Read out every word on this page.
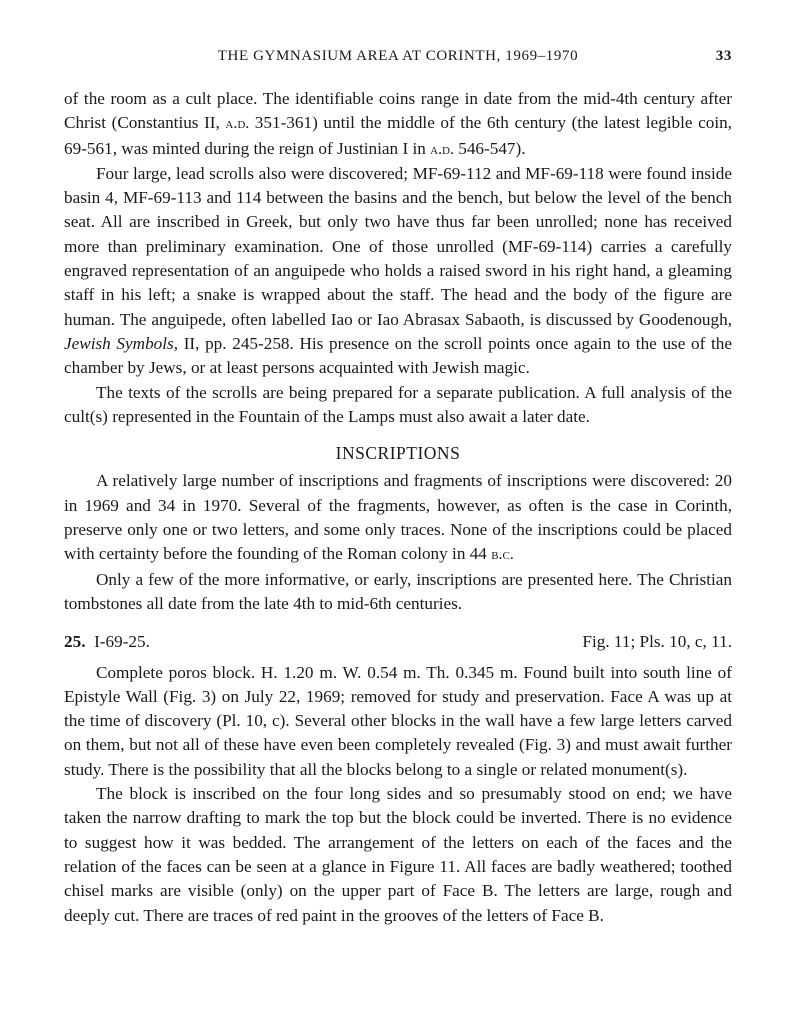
THE GYMNASIUM AREA AT CORINTH, 1969–1970	33

of the room as a cult place. The identifiable coins range in date from the mid-4th century after Christ (Constantius II, a.d. 351-361) until the middle of the 6th century (the latest legible coin, 69-561, was minted during the reign of Justinian I in a.d. 546-547).

Four large, lead scrolls also were discovered; MF-69-112 and MF-69-118 were found inside basin 4, MF-69-113 and 114 between the basins and the bench, but below the level of the bench seat. All are inscribed in Greek, but only two have thus far been unrolled; none has received more than preliminary examination. One of those unrolled (MF-69-114) carries a carefully engraved representation of an anguipede who holds a raised sword in his right hand, a gleaming staff in his left; a snake is wrapped about the staff. The head and the body of the figure are human. The anguipede, often labelled Iao or Iao Abrasax Sabaoth, is discussed by Goodenough, Jewish Symbols, II, pp. 245-258. His presence on the scroll points once again to the use of the chamber by Jews, or at least persons acquainted with Jewish magic.

The texts of the scrolls are being prepared for a separate publication. A full analysis of the cult(s) represented in the Fountain of the Lamps must also await a later date.

INSCRIPTIONS

A relatively large number of inscriptions and fragments of inscriptions were discovered: 20 in 1969 and 34 in 1970. Several of the fragments, however, as often is the case in Corinth, preserve only one or two letters, and some only traces. None of the inscriptions could be placed with certainty before the founding of the Roman colony in 44 b.c.

Only a few of the more informative, or early, inscriptions are presented here. The Christian tombstones all date from the late 4th to mid-6th centuries.

25. I-69-25.	Fig. 11; Pls. 10, c, 11.

Complete poros block. H. 1.20 m. W. 0.54 m. Th. 0.345 m. Found built into south line of Epistyle Wall (Fig. 3) on July 22, 1969; removed for study and preservation. Face A was up at the time of discovery (Pl. 10, c). Several other blocks in the wall have a few large letters carved on them, but not all of these have even been completely revealed (Fig. 3) and must await further study. There is the possibility that all the blocks belong to a single or related monument(s).

The block is inscribed on the four long sides and so presumably stood on end; we have taken the narrow drafting to mark the top but the block could be inverted. There is no evidence to suggest how it was bedded. The arrangement of the letters on each of the faces and the relation of the faces can be seen at a glance in Figure 11. All faces are badly weathered; toothed chisel marks are visible (only) on the upper part of Face B. The letters are large, rough and deeply cut. There are traces of red paint in the grooves of the letters of Face B.
